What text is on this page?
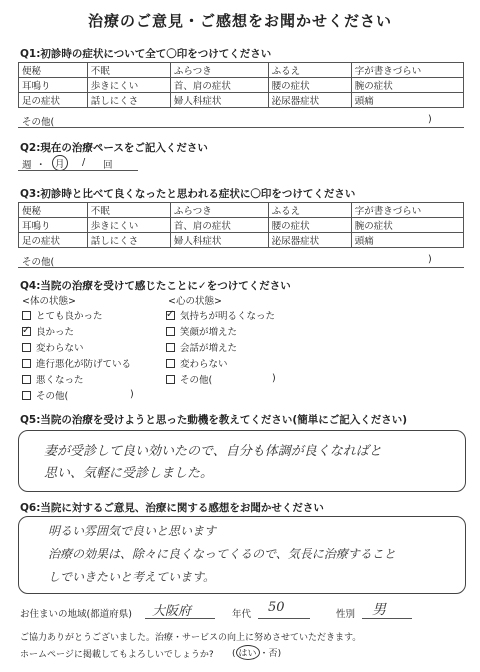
治療のご意見・ご感想をお聞かせください
Q1:初診時の症状について全て〇印をつけてください
便秘	不眠	ふらつき	ふるえ	字が書きづらい
耳鳴り	歩きにくい	首、肩の症状	腰の症状	腕の症状
足の症状	話しにくさ	婦人科症状	泌尿器症状	頭痛
その他(	)
Q2:現在の治療ペースをご記入ください
週 ・ 月	/ 回
Q3:初診時と比べて良くなったと思われる症状に〇印をつけてください
便秘	不眠	ふらつき	ふるえ	字が書きづらい
耳鳴り	歩きにくい	首、肩の症状	腰の症状	腕の症状
足の症状	話しにくさ	婦人科症状	泌尿器症状	頭痛
その他(	)
Q4:当院の治療を受けて感じたことに✓をつけてください
<体の状態>	<心の状態>
とても良かった
✓ 良かった
変わらない
進行悪化が防げている
悪くなった
その他(
✓ 気持ちが明るくなった
笑顔が増えた
会話が増えた
変わらない
その他(
)
)
Q5:当院の治療を受けようと思った動機を教えてください(簡単にご記入ください)
妻が受診して良い効いたので、自分も体調が良くなればと
思い、気軽に受診しました。
Q6:当院に対するご意見、治療に関する感想をお聞かせください
明るい雰囲気で良いと思います
治療の効果は、除々に良くなってくるので、気長に治療すること
しでいきたいと考えています。
お住まいの地域(都道府県) 大阪府	年代 50	性別 男
ご協力ありがとうございました。治療・サービスの向上に努めさせていただきます。
ホームページに掲載してもよろしいでしょうか? ( はい ・否)
